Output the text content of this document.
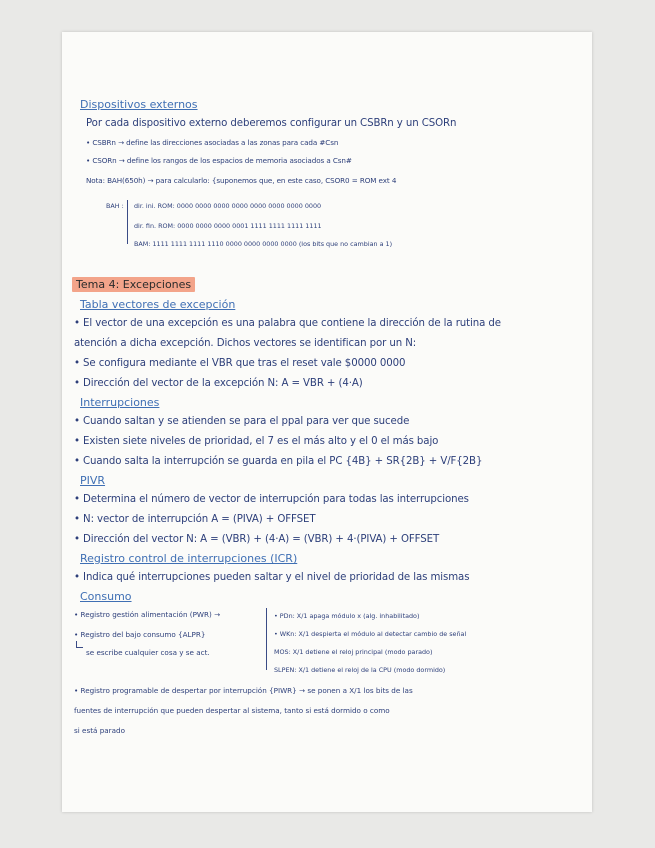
Dispositivos externos
Por cada dispositivo externo deberemos configurar un CSBRn y un CSORn
• CSBRn → define las direcciones asociadas a las zonas para cada #Csn
• CSORn → define los rangos de los espacios de memoria asociados a Csn#
Nota: BAH(650h) → para calcularlo: {suponemos que, en este caso, CSOR0 = ROM ext 4
BAH : dir. ini. ROM: 0000 0000 0000 0000 0000 0000 0000 0000
dir. fin. ROM: 0000 0000 0000 0001 1111 1111 1111 1111
BAM: 1111 1111 1111 1110 0000 0000 0000 0000 (los bits que no cambian a 1)
Tema 4: Excepciones
Tabla vectores de excepción
• El vector de una excepción es una palabra que contiene la dirección de la rutina de
atención a dicha excepción. Dichos vectores se identifican por un N:
• Se configura mediante el VBR que tras el reset vale $0000 0000
• Dirección del vector de la excepción N: A = VBR + (4·A)
Interrupciones
• Cuando saltan y se atienden se para el ppal para ver que sucede
• Existen siete niveles de prioridad, el 7 es el más alto y el 0 el más bajo
• Cuando salta la interrupción se guarda en pila el PC {4B} + SR{2B} + V/F{2B}
PIVR
• Determina el número de vector de interrupción para todas las interrupciones
• N: vector de interrupción A = (PIVA) + OFFSET
• Dirección del vector N: A = (VBR) + (4·A) = (VBR) + 4·(PIVA) + OFFSET
Registro control de interrupciones (ICR)
• Indica qué interrupciones pueden saltar y el nivel de prioridad de las mismas
Consumo
• Registro gestión alimentación (PWR) →
• Registro del bajo consumo {ALPR}
se escribe cualquier cosa y se act.
• PDn: X/1 apaga módulo x (alg. inhabilitado)
• WKn: X/1 despierta el módulo al detectar cambio de señal
MOS: X/1 detiene el reloj principal (modo parado)
SLPEN: X/1 detiene el reloj de la CPU (modo dormido)
• Registro programable de despertar por interrupción {PIWR} → se ponen a X/1 los bits de las
fuentes de interrupción que pueden despertar al sistema, tanto si está dormido o como
si está parado
